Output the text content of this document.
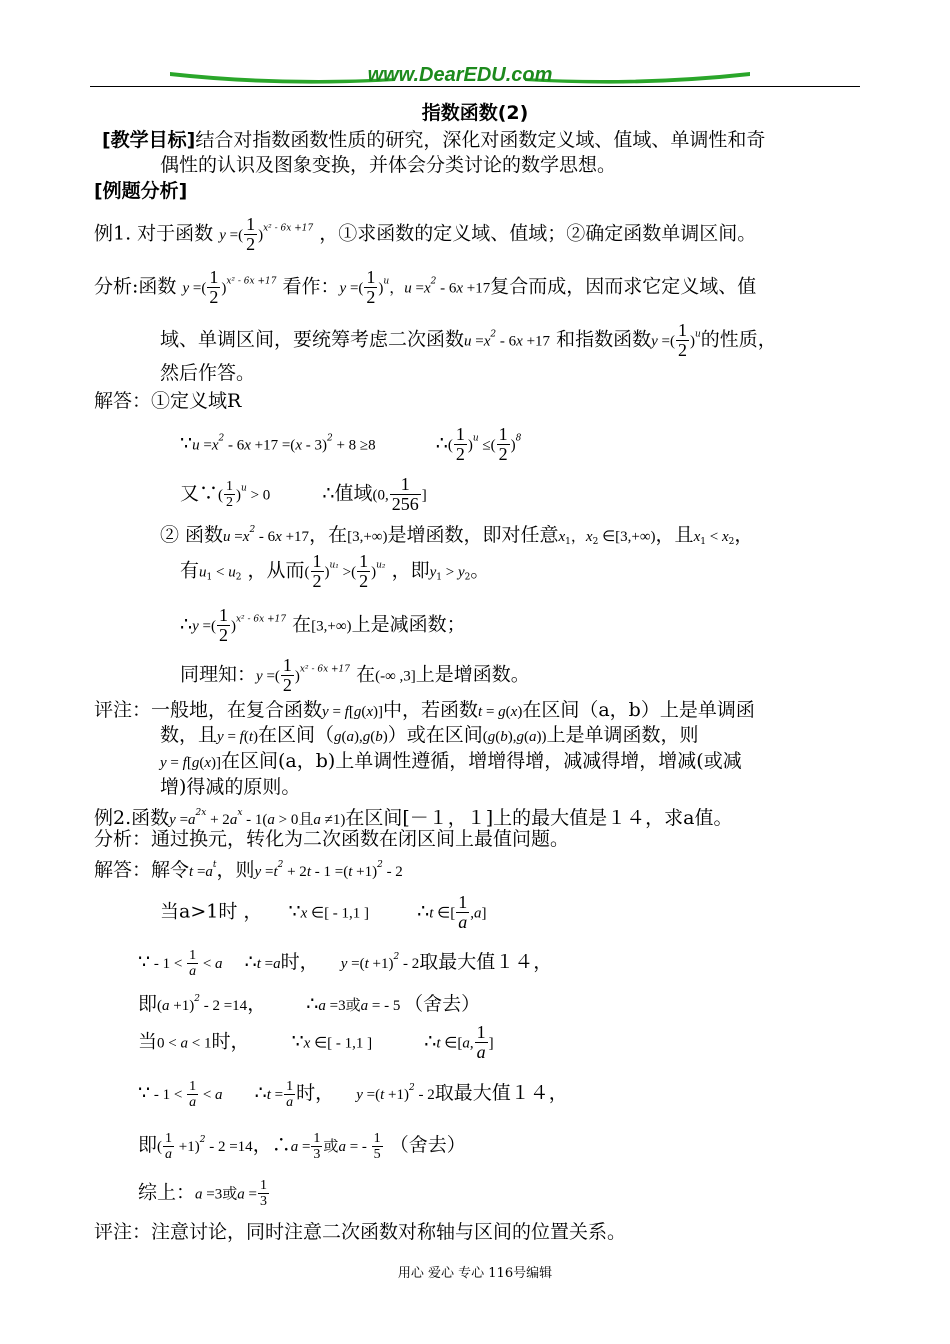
www.DearEDU.com
指数函数(2)
[教学目标]结合对指数函数性质的研究，深化对函数定义域、值域、单调性和奇
偶性的认识及图象变换，并体会分类讨论的数学思想。
[例题分析]
例1. 对于函数 y =( $\frac{1}{2} )^{x^2 - 6x +17}$ ，①求函数的定义域、值域；②确定函数单调区间。
分析:函数 y =( $\frac{1}{2} )^{x^2 - 6x +17}$ 看作：y =( $\frac{1}{2} )^u$，$u =x^2 - 6x +17$复合而成，因而求它定义域、值
域、单调区间，要统筹考虑二次函数$u =x^2 - 6x +17$ 和指数函数y =( $\frac{1}{2} )^u$的性质，
然后作答。
解答：①定义域R
∵u $=x^2 - 6x +17 =(x - 3)^2 + 8 \ge 8$	∴( $\frac{1}{2} )^u$ ≤( $\frac{1}{2} )^8$
又∵( $\frac{1}{2} )^u > 0$	∴值域(0, $\frac{1}{256}$ ]
② 函数$u =x^2 - 6x +17$，在[3,+∞)是增函数，即对任意$x_1$，$x_2$ ∈[3,+∞)，且$x_1 < x_2$，
有$u_1 < u_2$ ，从而( $\frac{1}{2} )^{u_1}$ >( $\frac{1}{2} )^{u_2}$ ，即$y_1 > y_2$。
∴y =( $\frac{1}{2} )^{x^2 - 6x +17}$ 在[3,+∞)上是减函数；
同理知：y =( $\frac{1}{2} )^{x^2 - 6x +17}$ 在(-∞ ,3]上是增函数。
评注：一般地，在复合函数y = f[g(x)]中，若函数t = g(x)在区间（a，b）上是单调函
数，且y = f(t)在区间（g(a),g(b)）或在区间(g(b),g(a))上是单调函数，则
y = f[g(x)]在区间(a，b)上单调性遵循，增增得增，减减得增，增减(或减
增)得减的原则。
例2.函数$y =a^{2x} + 2a^x - 1(a > 0$且a ≠1)在区间[－１，１]上的最大值是１４，求a值。
分析：通过换元，转化为二次函数在闭区间上最值问题。
解答：解令$t =a^t$，则$y =t^2 + 2t - 1 =(t +1)^2 - 2$
当a>1时 ， ∵x ∈[ - 1,1 ]	∴t ∈[ $\frac{1}{a} ,a$]
∵ - $1 < \frac{1}{a} < a$ ∴t =a时， $y =(t +1)^2 - 2$取最大值１４，
即$(a +1)^2 - 2 =14$， ∴a =3或a = - 5 （舍去）
当0 < a < 1时， ∵x ∈[ - 1,1 ]	∴t ∈[a, $\frac{1}{a}$ ]
∵ - $1 < \frac{1}{a} < a$ ∴t = $\frac{1}{a}$ 时， $y =(t +1)^2 - 2$取最大值１４，
即( $\frac{1}{a} +1)^2 - 2 =14$，∴a = $\frac{1}{3}$ 或a = - $\frac{1}{5}$ （舍去）
综上：a =3或$a = \frac{1}{3}$
评注：注意讨论，同时注意二次函数对称轴与区间的位置关系。
用心 爱心 专心 116号编辑
